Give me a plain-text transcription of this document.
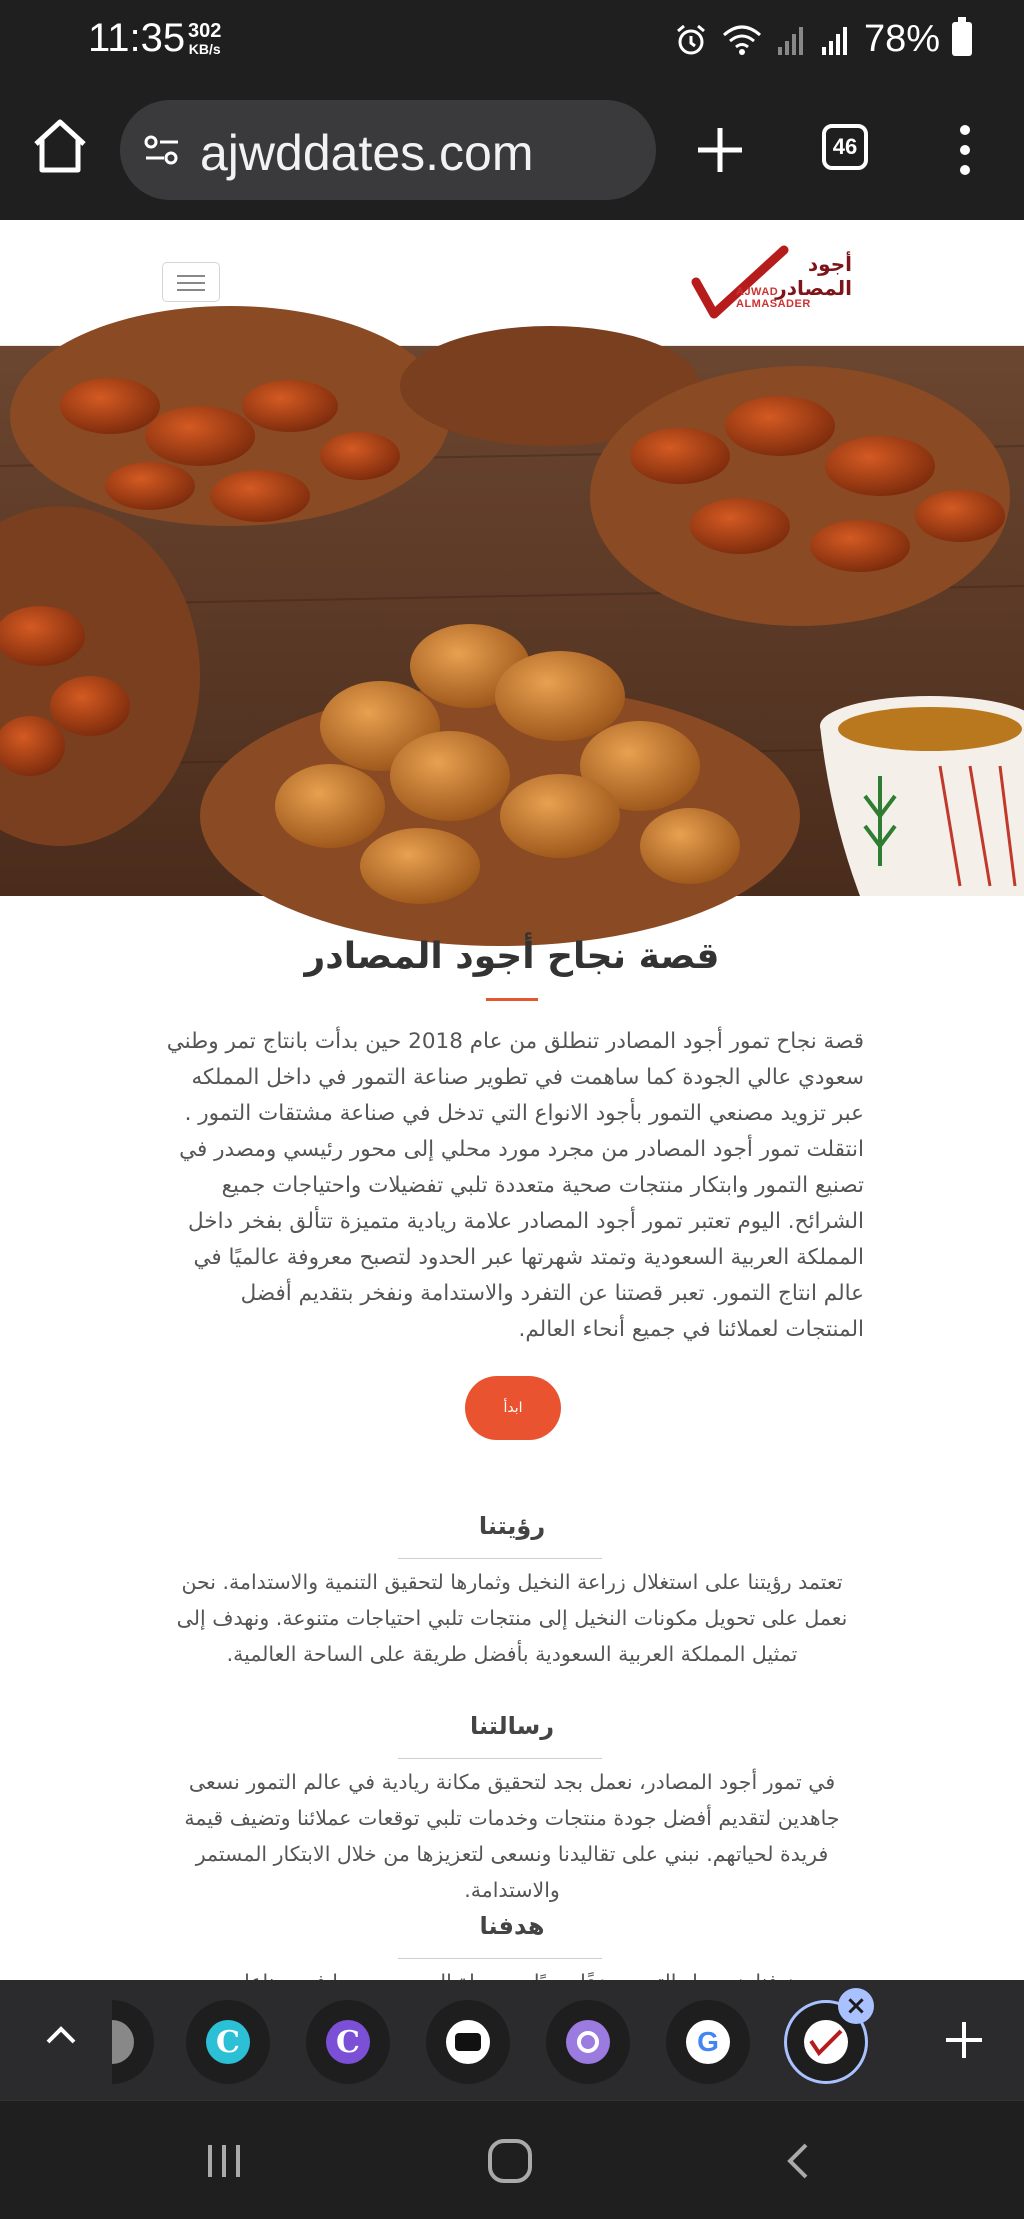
11:35 302
KB/s	78%
ajwddates.com	46
أجود المصادر
AJWAD ALMASADER
قصة نجاح أجود المصادر

قصة نجاح تمور أجود المصادر تنطلق من عام 2018 حين بدأت بانتاج تمر وطني سعودي عالي الجودة كما ساهمت في تطوير صناعة التمور في داخل المملكه عبر تزويد مصنعي التمور بأجود الانواع التي تدخل في صناعة مشتقات التمور . انتقلت تمور أجود المصادر من مجرد مورد محلي إلى محور رئيسي ومصدر في تصنيع التمور وابتكار منتجات صحية متعددة تلبي تفضيلات واحتياجات جميع الشرائح. اليوم تعتبر تمور أجود المصادر علامة ريادية متميزة تتألق بفخر داخل المملكة العربية السعودية وتمتد شهرتها عبر الحدود لتصبح معروفة عالميًا في عالم انتاج التمور. تعبر قصتنا عن التفرد والاستدامة ونفخر بتقديم أفضل المنتجات لعملائنا في جميع أنحاء العالم.

ابدأ
رؤيتنا

تعتمد رؤيتنا على استغلال زراعة النخيل وثمارها لتحقيق التنمية والاستدامة. نحن نعمل على تحويل مكونات النخيل إلى منتجات تلبي احتياجات متنوعة. ونهدف إلى تمثيل المملكة العربية السعودية بأفضل طريقة على الساحة العالمية.

رسالتنا

في تمور أجود المصادر، نعمل بجد لتحقيق مكانة ريادية في عالم التمور نسعى جاهدين لتقديم أفضل جودة منتجات وخدمات تلبي توقعات عملائنا وتضيف قيمة فريدة لحياتهم. نبني على تقاليدنا ونسعى لتعزيزها من خلال الابتكار المستمر والاستدامة.

هدفنا

C	C	G
×
